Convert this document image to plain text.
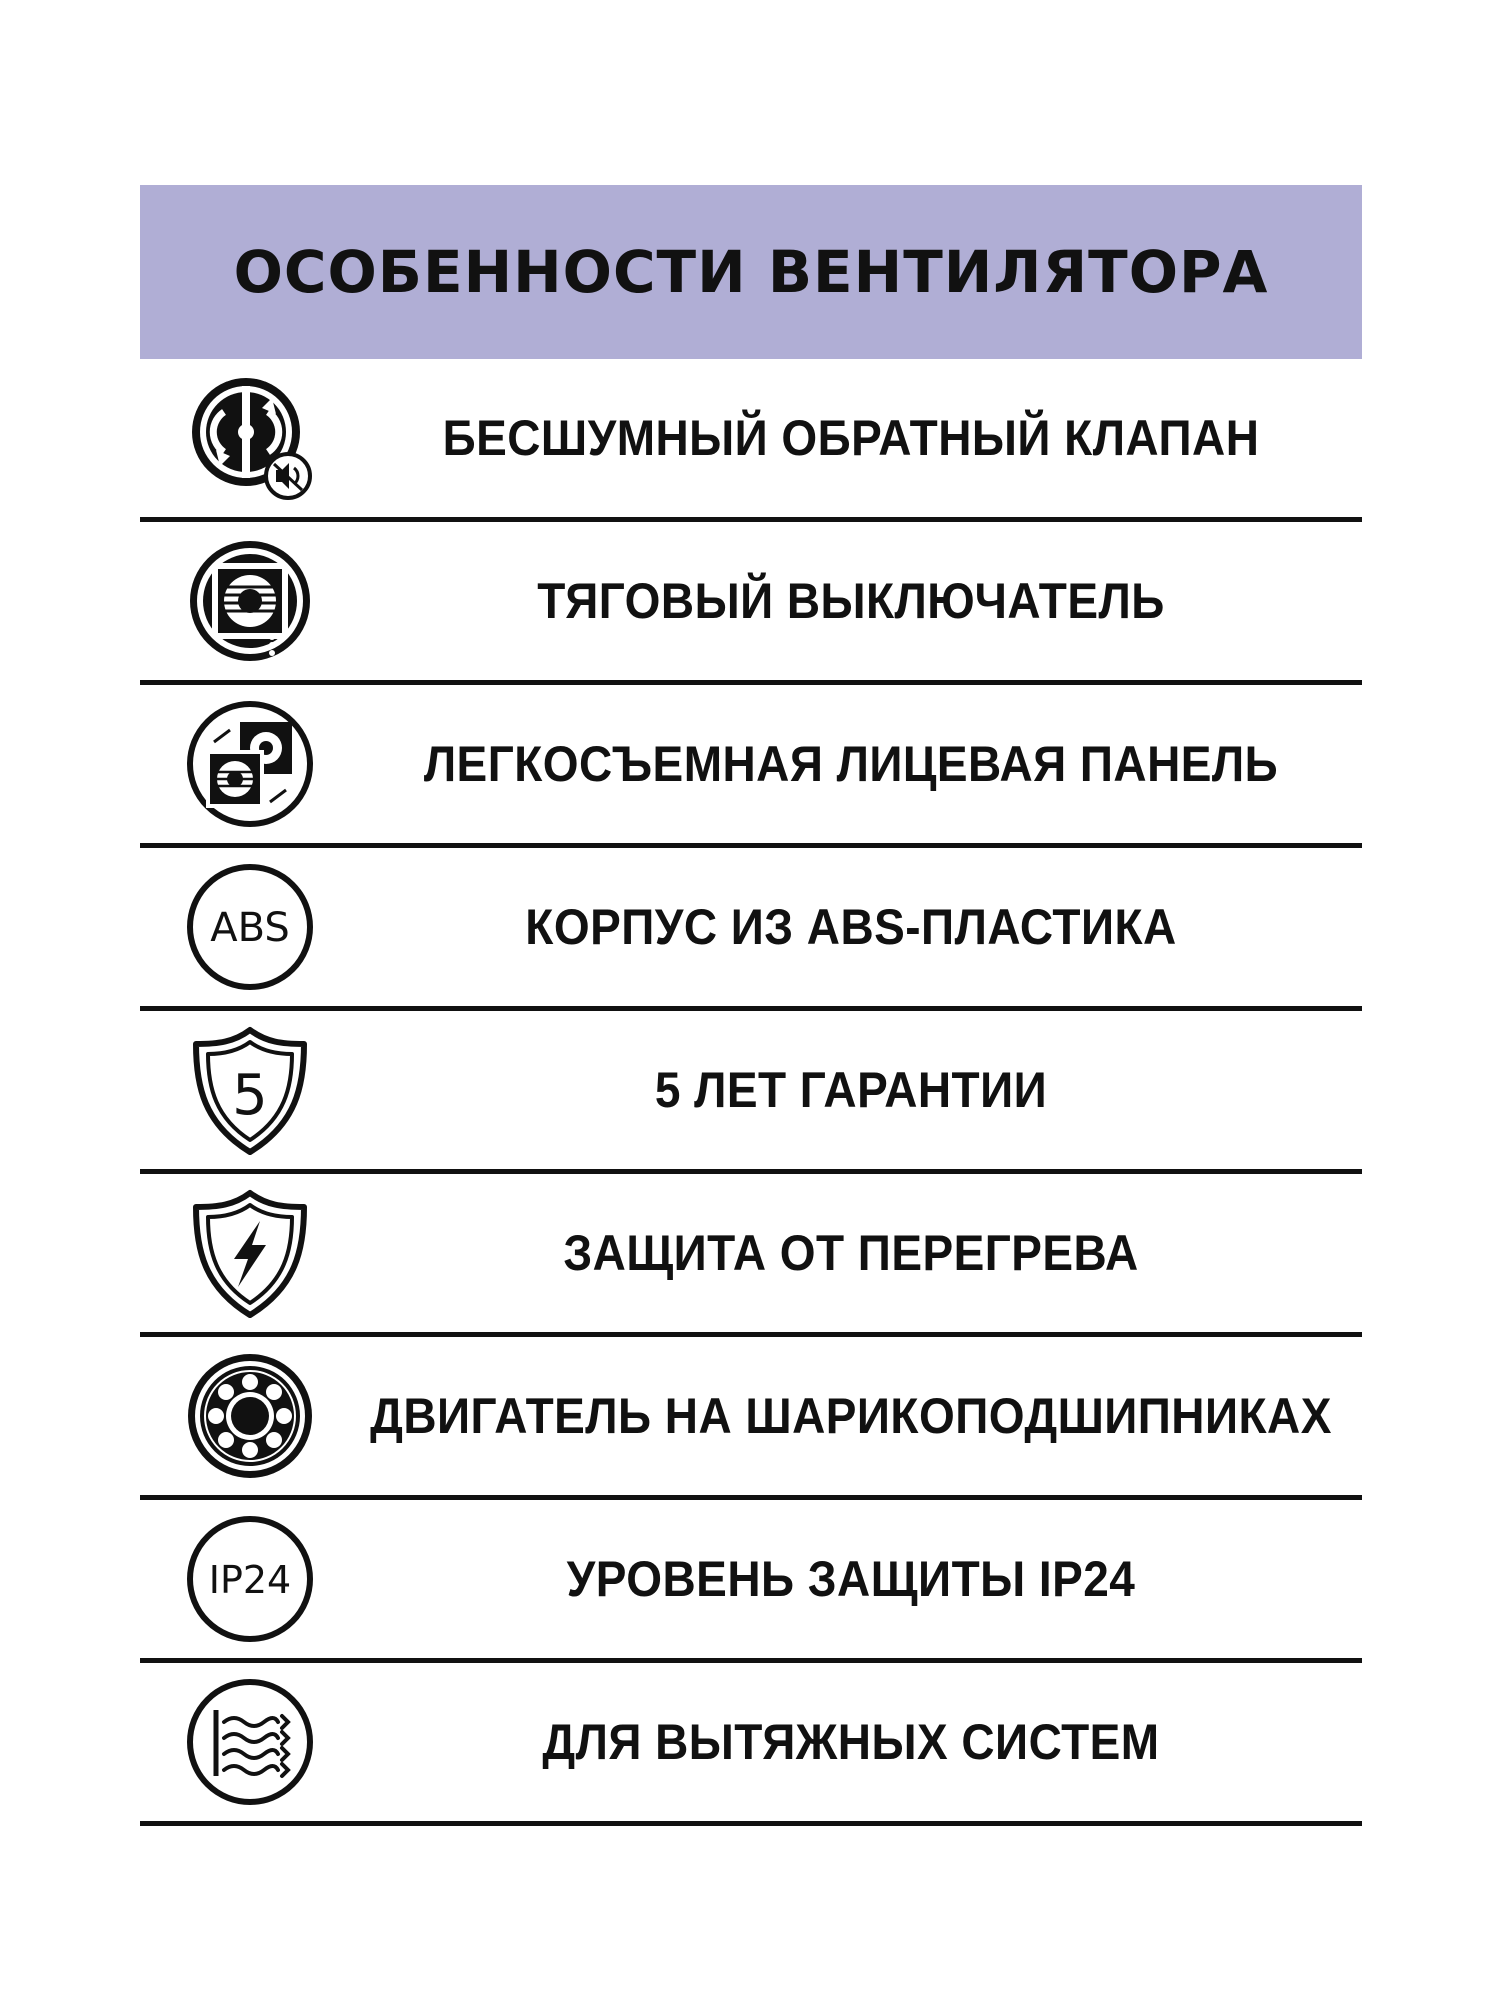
ОСОБЕННОСТИ ВЕНТИЛЯТОРА
БЕСШУМНЫЙ ОБРАТНЫЙ КЛАПАН
ТЯГОВЫЙ ВЫКЛЮЧАТЕЛЬ
ЛЕГКОСЪЕМНАЯ ЛИЦЕВАЯ ПАНЕЛЬ
ABS	КОРПУС ИЗ ABS-ПЛАСТИКА
5	5 ЛЕТ ГАРАНТИИ
ЗАЩИТА ОТ ПЕРЕГРЕВА
ДВИГАТЕЛЬ НА ШАРИКОПОДШИПНИКАХ
IP24	УРОВЕНЬ ЗАЩИТЫ IP24
ДЛЯ ВЫТЯЖНЫХ СИСТЕМ
